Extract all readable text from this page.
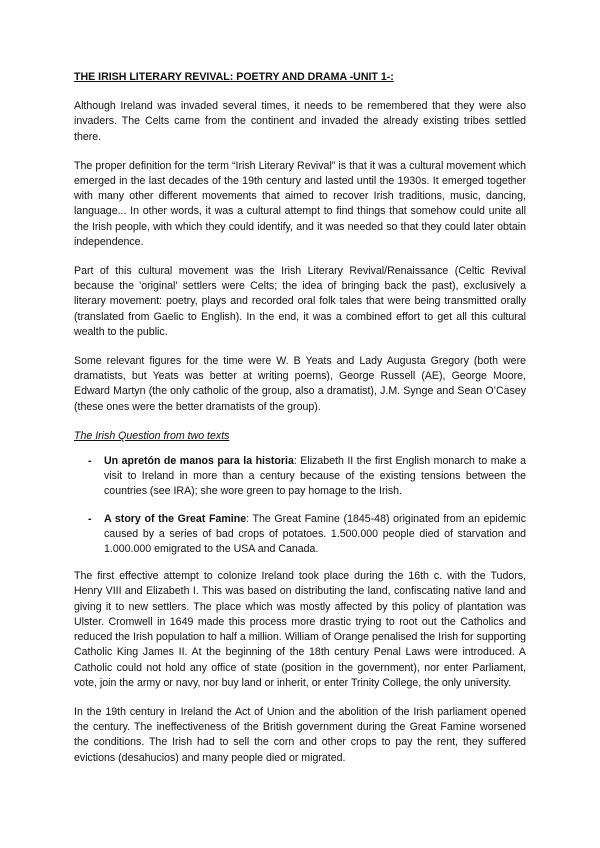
THE IRISH LITERARY REVIVAL: POETRY AND DRAMA -UNIT 1-:

Although Ireland was invaded several times, it needs to be remembered that they were also invaders. The Celts came from the continent and invaded the already existing tribes settled there.

The proper definition for the term “Irish Literary Revival” is that it was a cultural movement which emerged in the last decades of the 19th century and lasted until the 1930s. It emerged together with many other different movements that aimed to recover Irish traditions, music, dancing, language... In other words, it was a cultural attempt to find things that somehow could unite all the Irish people, with which they could identify, and it was needed so that they could later obtain independence.

Part of this cultural movement was the Irish Literary Revival/Renaissance (Celtic Revival because the 'original' settlers were Celts; the idea of bringing back the past), exclusively a literary movement: poetry, plays and recorded oral folk tales that were being transmitted orally (translated from Gaelic to English). In the end, it was a combined effort to get all this cultural wealth to the public.

Some relevant figures for the time were W. B Yeats and Lady Augusta Gregory (both were dramatists, but Yeats was better at writing poems), George Russell (AE), George Moore, Edward Martyn (the only catholic of the group, also a dramatist), J.M. Synge and Sean O’Casey (these ones were the better dramatists of the group).

The Irish Question from two texts
- Un apretón de manos para la historia: Elizabeth II the first English monarch to make a visit to Ireland in more than a century because of the existing tensions between the countries (see IRA); she wore green to pay homage to the Irish.
- A story of the Great Famine: The Great Famine (1845-48) originated from an epidemic caused by a series of bad crops of potatoes. 1.500.000 people died of starvation and 1.000.000 emigrated to the USA and Canada.

The first effective attempt to colonize Ireland took place during the 16th c. with the Tudors, Henry VIII and Elizabeth I. This was based on distributing the land, confiscating native land and giving it to new settlers. The place which was mostly affected by this policy of plantation was Ulster. Cromwell in 1649 made this process more drastic trying to root out the Catholics and reduced the Irish population to half a million. William of Orange penalised the Irish for supporting Catholic King James II. At the beginning of the 18th century Penal Laws were introduced. A Catholic could not hold any office of state (position in the government), nor enter Parliament, vote, join the army or navy, nor buy land or inherit, or enter Trinity College, the only university.

In the 19th century in Ireland the Act of Union and the abolition of the Irish parliament opened the century. The ineffectiveness of the British government during the Great Famine worsened the conditions. The Irish had to sell the corn and other crops to pay the rent, they suffered evictions (desahucios) and many people died or migrated.
